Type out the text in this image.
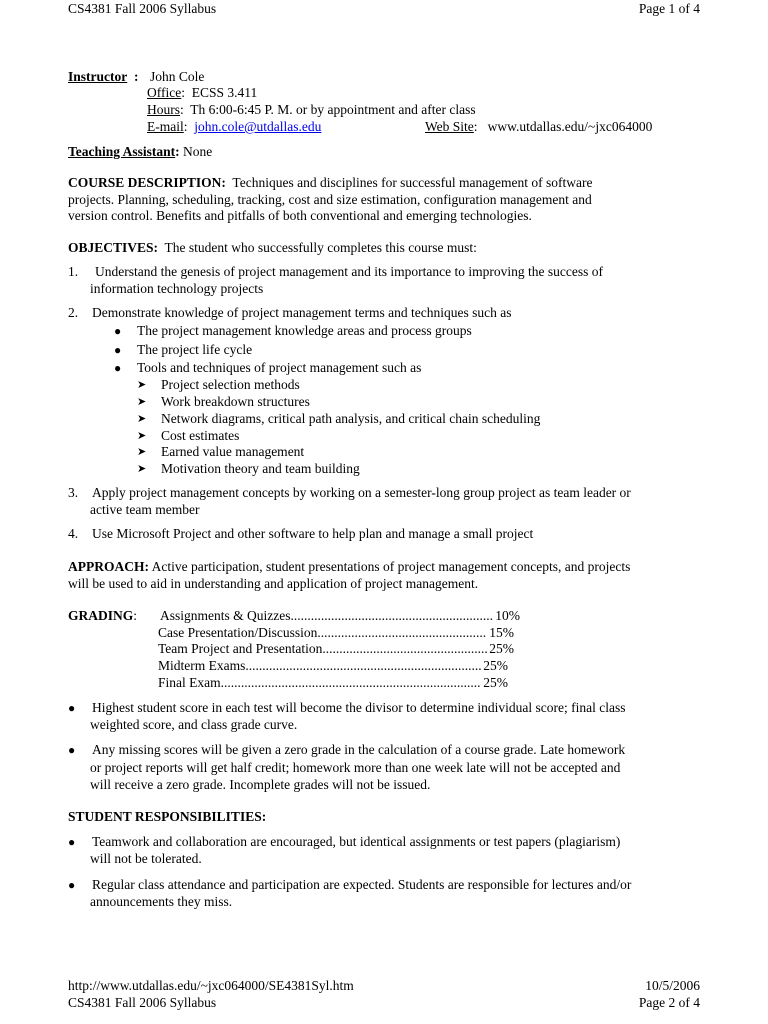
CS4381 Fall 2006 Syllabus	Page 1 of 4
Instructor : John Cole
Office:  ECSS 3.411
Hours:  Th 6:00-6:45 P. M. or by appointment and after class
E-mail:  john.cole@utdallas.edu	Web Site:   www.utdallas.edu/~jxc064000
Teaching Assistant: None
COURSE DESCRIPTION: Techniques and disciplines for successful management of software
projects. Planning, scheduling, tracking, cost and size estimation, configuration management and
version control. Benefits and pitfalls of both conventional and emerging technologies.
OBJECTIVES: The student who successfully completes this course must:
1. Understand the genesis of project management and its importance to improving the success of
information technology projects
2. Demonstrate knowledge of project management terms and techniques such as
● The project management knowledge areas and process groups
● The project life cycle
● Tools and techniques of project management such as
➤ Project selection methods
➤ Work breakdown structures
➤ Network diagrams, critical path analysis, and critical chain scheduling
➤ Cost estimates
➤ Earned value management
➤ Motivation theory and team building
3. Apply project management concepts by working on a semester-long group project as team leader or
active team member
4. Use Microsoft Project and other software to help plan and manage a small project
APPROACH: Active participation, student presentations of project management concepts, and projects
will be used to aid in understanding and application of project management.
GRADING: Assignments & Quizzes .....	10%
Case Presentation/Discussion .....	15%
Team Project and Presentation .....	25%
Midterm Exams .....	25%
Final Exam .....	25%
● Highest student score in each test will become the divisor to determine individual score; final class
weighted score, and class grade curve.
● Any missing scores will be given a zero grade in the calculation of a course grade. Late homework
or project reports will get half credit; homework more than one week late will not be accepted and
will receive a zero grade. Incomplete grades will not be issued.
STUDENT RESPONSIBILITIES:
● Teamwork and collaboration are encouraged, but identical assignments or test papers (plagiarism)
will not be tolerated.
● Regular class attendance and participation are expected. Students are responsible for lectures and/or
announcements they miss.
http://www.utdallas.edu/~jxc064000/SE4381Syl.htm	10/5/2006
CS4381 Fall 2006 Syllabus	Page 2 of 4
